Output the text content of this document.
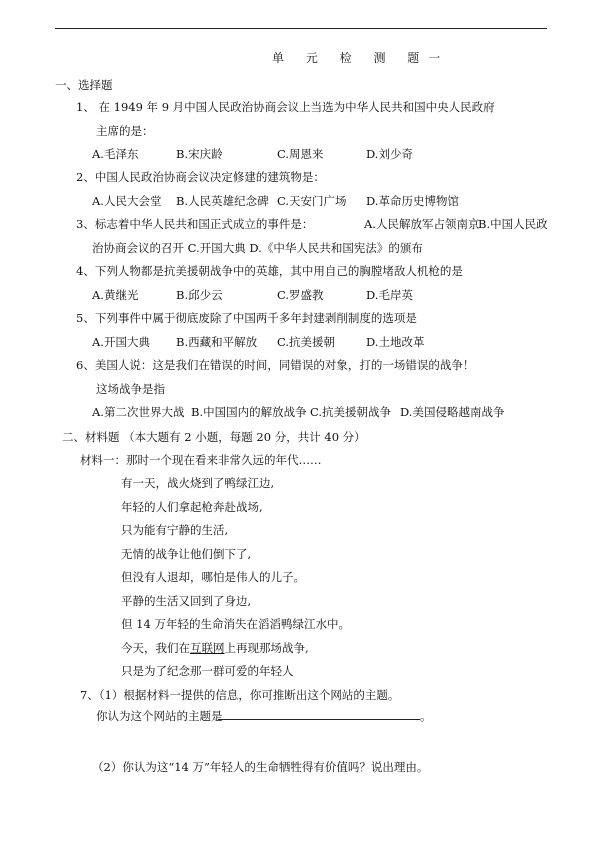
单 元 检 测 题一
一、选择题
1、 在 1949 年 9 月中国人民政治协商会议上当选为中华人民共和国中央人民政府
主席的是：
A.毛泽东	B.宋庆龄	C.周恩来	D.刘少奇
2、中国人民政治协商会议决定修建的建筑物是：
A.人民大会堂 B.人民英雄纪念碑 C.天安门广场 D.革命历史博物馆
3、标志着中华人民共和国正式成立的事件是：	A.人民解放军占领南京
B.中国人民政
治协商会议的召开 C.开国大典 D.《中华人民共和国宪法》的颁布
4、下列人物都是抗美援朝战争中的英雄，其中用自己的胸膛堵敌人机枪的是
A.黄继光	B.邱少云	C.罗盛教	D.毛岸英
5、下列事件中属于彻底废除了中国两千多年封建剥削制度的选项是
A.开国大典 B.西藏和平解放 C.抗美援朝	D.土地改革
6、美国人说：这是我们在错误的时间，同错误的对象，打的一场错误的战争！
这场战争是指
A.第二次世界大战 B.中国国内的解放战争 C.抗美援朝战争 D.美国侵略越南战争
二、材料题 （本大题有 2 小题，每题 20 分，共计 40 分）
材料一：那时一个现在看来非常久远的年代……
有一天，战火烧到了鸭绿江边,
年轻的人们拿起枪奔赴战场,
只为能有宁静的生活,
无情的战争让他们倒下了,
但没有人退却，哪怕是伟人的儿子。
平静的生活又回到了身边,
但 14 万年轻的生命消失在滔滔鸭绿江水中。
今天，我们在互联网上再现那场战争,
只是为了纪念那一群可爱的年轻人
7、（1）根据材料一提供的信息，你可推断出这个网站的主题。
你认为这个网站的主题是	。
（2）你认为这“14 万”年轻人的生命牺牲得有价值吗？说出理由。
